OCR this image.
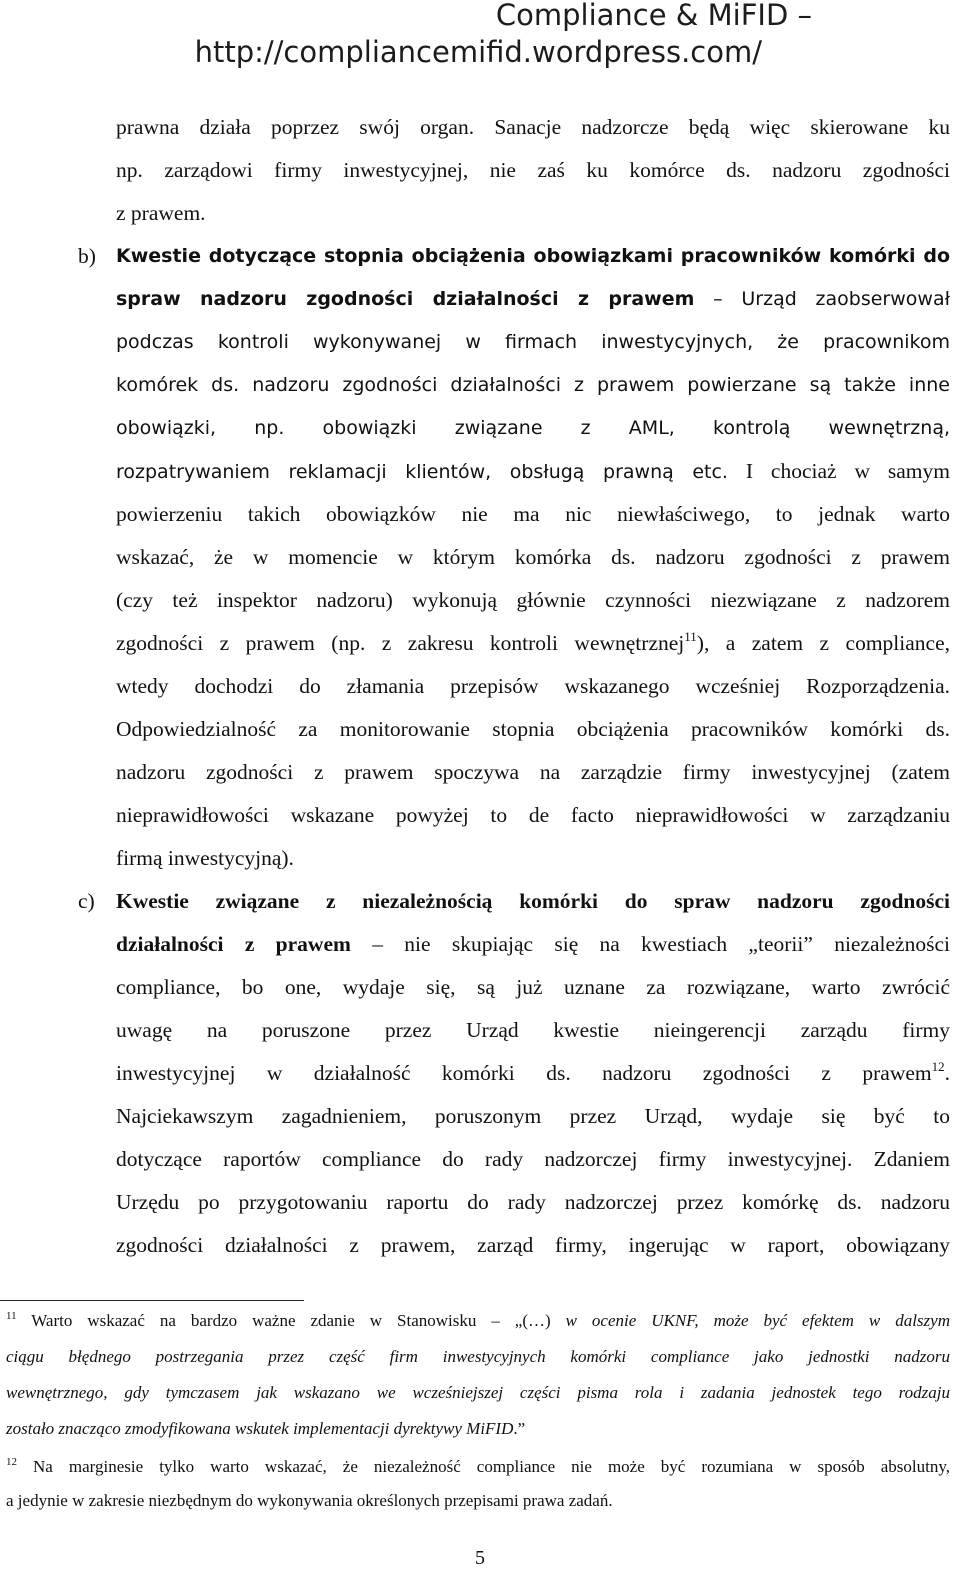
Compliance & MiFID –
http://compliancemifid.wordpress.com/
prawna działa poprzez swój organ. Sanacje nadzorcze będą więc skierowane ku
np. zarządowi firmy inwestycyjnej, nie zaś ku komórce ds. nadzoru zgodności
z prawem.
b) Kwestie dotyczące stopnia obciążenia obowiązkami pracowników komórki do
spraw nadzoru zgodności działalności z prawem – Urząd zaobserwował
podczas kontroli wykonywanej w firmach inwestycyjnych, że pracownikom
komórek ds. nadzoru zgodności działalności z prawem powierzane są także inne
obowiązki, np. obowiązki związane z AML, kontrolą wewnętrzną,
rozpatrywaniem reklamacji klientów, obsługą prawną etc. I chociaż w samym
powierzeniu takich obowiązków nie ma nic niewłaściwego, to jednak warto
wskazać, że w momencie w którym komórka ds. nadzoru zgodności z prawem
(czy też inspektor nadzoru) wykonują głównie czynności niezwiązane z nadzorem
zgodności z prawem (np. z zakresu kontroli wewnętrznej$^{11}$), a zatem z compliance,
wtedy dochodzi do złamania przepisów wskazanego wcześniej Rozporządzenia.
Odpowiedzialność za monitorowanie stopnia obciążenia pracowników komórki ds.
nadzoru zgodności z prawem spoczywa na zarządzie firmy inwestycyjnej (zatem
nieprawidłowości wskazane powyżej to de facto nieprawidłowości w zarządzaniu
firmą inwestycyjną).
c) Kwestie związane z niezależnością komórki do spraw nadzoru zgodności
działalności z prawem – nie skupiając się na kwestiach „teorii” niezależności
compliance, bo one, wydaje się, są już uznane za rozwiązane, warto zwrócić
uwagę na poruszone przez Urząd kwestie nieingerencji zarządu firmy
inwestycyjnej w działalność komórki ds. nadzoru zgodności z prawem$^{12}$.
Najciekawszym zagadnieniem, poruszonym przez Urząd, wydaje się być to
dotyczące raportów compliance do rady nadzorczej firmy inwestycyjnej. Zdaniem
Urzędu po przygotowaniu raportu do rady nadzorczej przez komórkę ds. nadzoru
zgodności działalności z prawem, zarząd firmy, ingerując w raport, obowiązany
$^{11}$ Warto wskazać na bardzo ważne zdanie w Stanowisku – „(…) w ocenie UKNF, może być efektem w dalszym
ciągu błędnego postrzegania przez część firm inwestycyjnych komórki compliance jako jednostki nadzoru
wewnętrznego, gdy tymczasem jak wskazano we wcześniejszej części pisma rola i zadania jednostek tego rodzaju
zostało znacząco zmodyfikowana wskutek implementacji dyrektywy MiFID.”
$^{12}$ Na marginesie tylko warto wskazać, że niezależność compliance nie może być rozumiana w sposób absolutny,
a jedynie w zakresie niezbędnym do wykonywania określonych przepisami prawa zadań.
5
